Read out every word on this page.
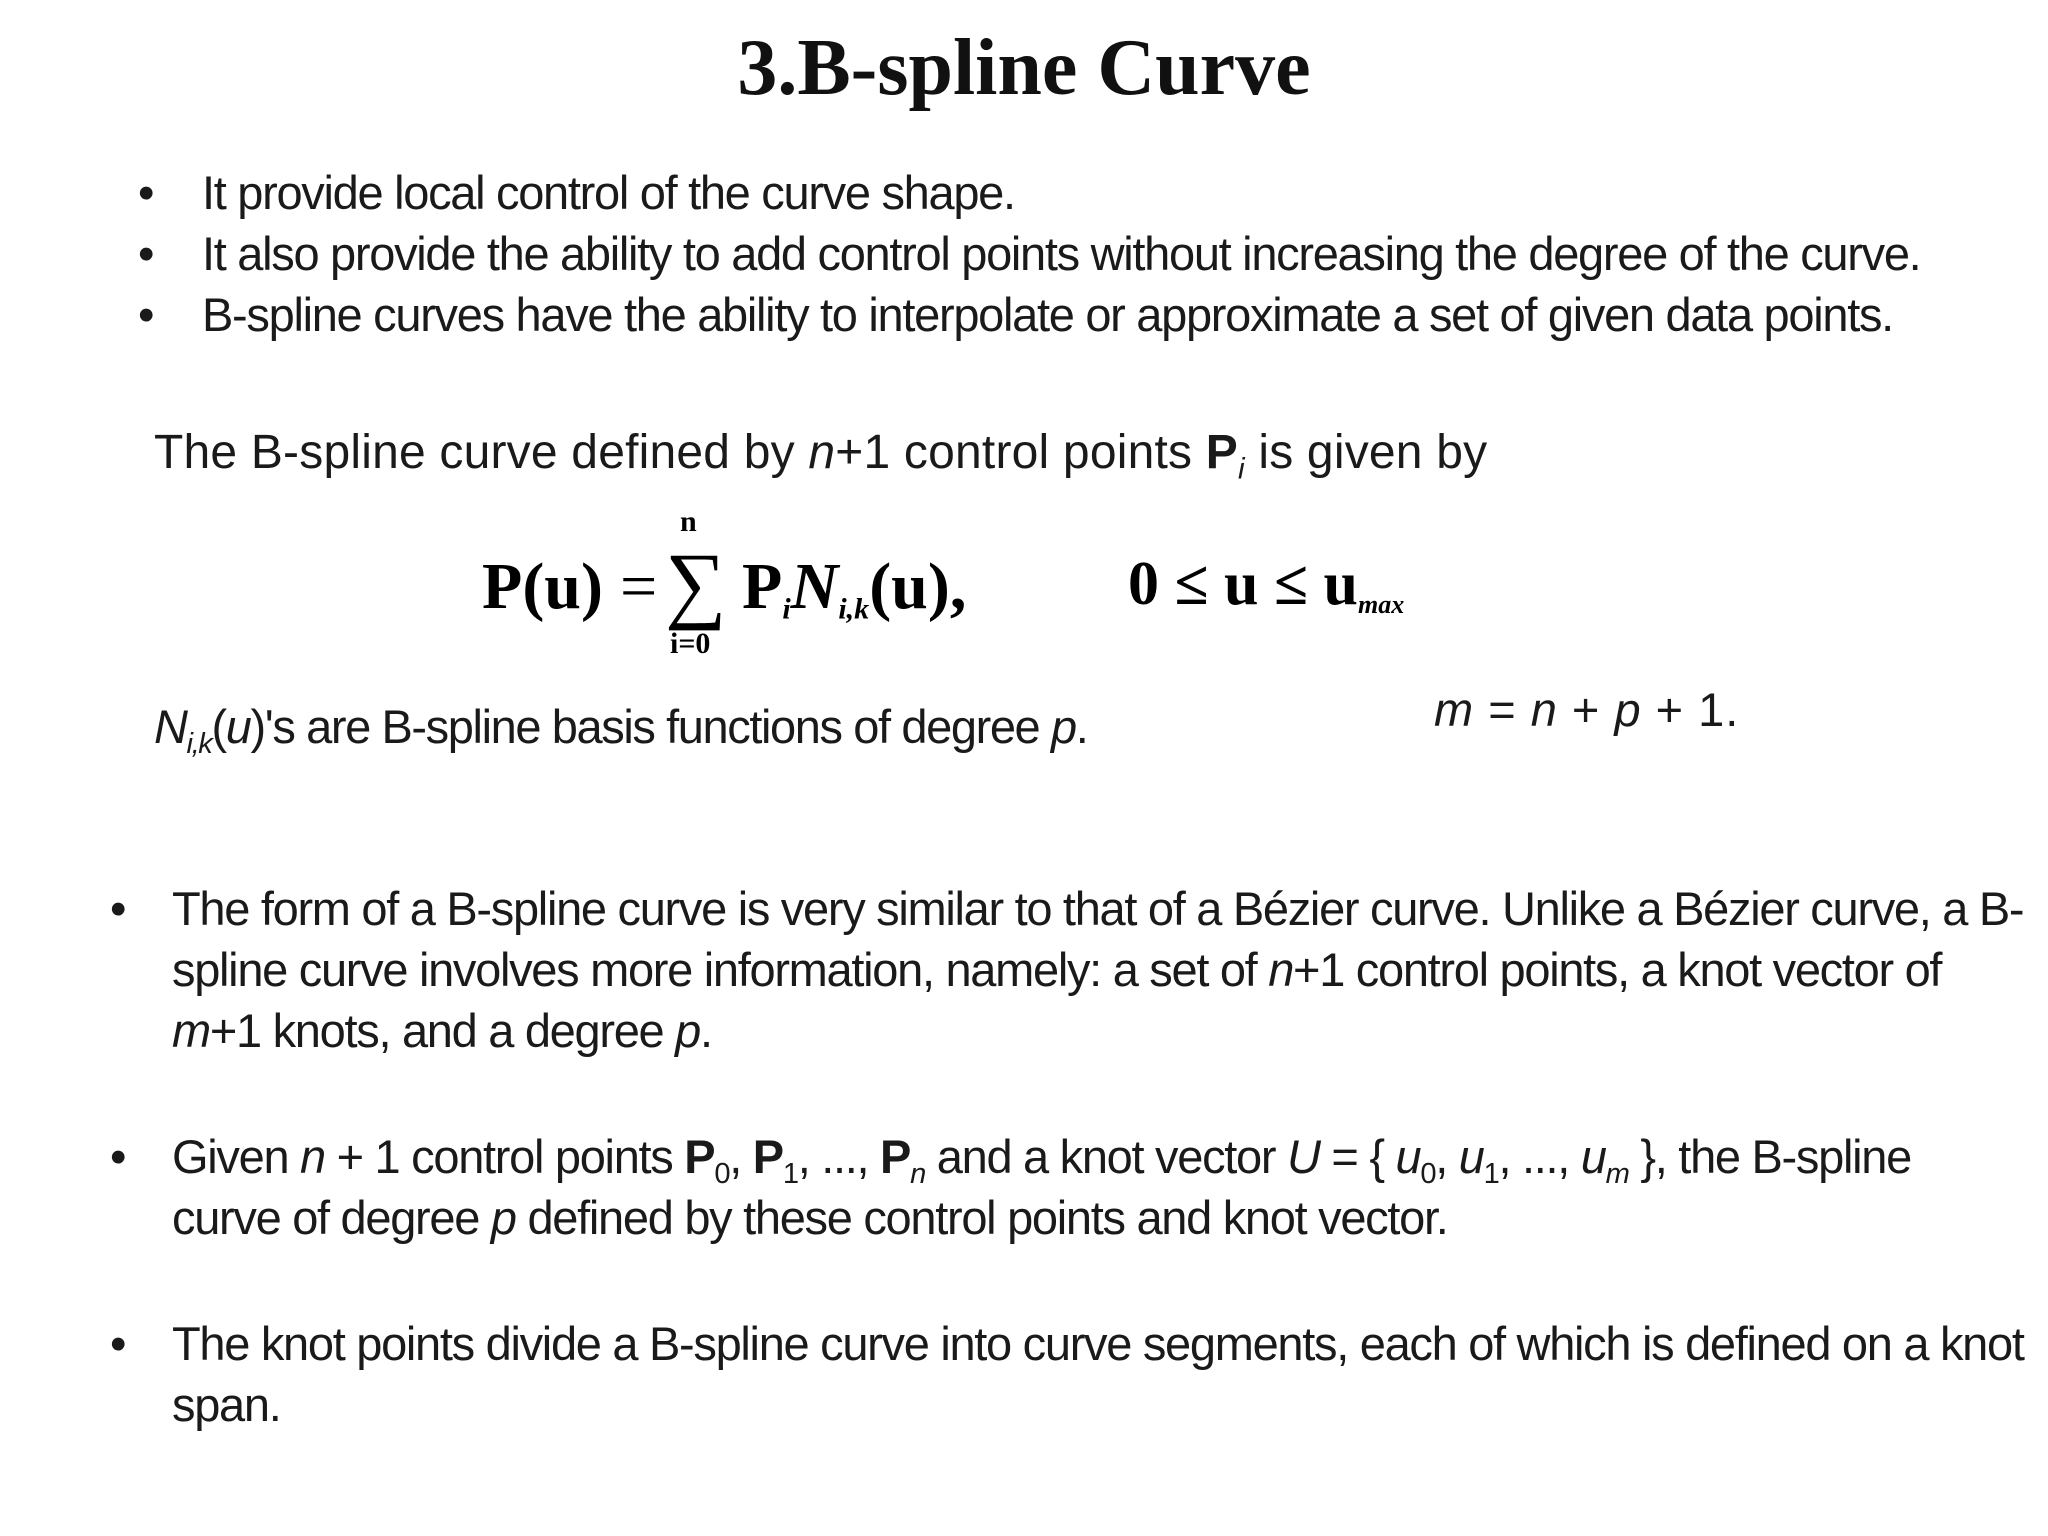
3.B-spline Curve
• It provide local control of the curve shape.
• It also provide the ability to add control points without increasing the degree of the curve.
• B-spline curves have the ability to interpolate or approximate a set of given data points.
The B-spline curve defined by n+1 control points $P_i$ is given by
P(u) =
n
∑
i=0
$P_iN_{i,k}(u)$,	$0 \le u \le u_{max}$
$N_{i,k}(u)'s$ are B-spline basis functions of degree p.	m = n + p + 1.
• The form of a B-spline curve is very similar to that of a Bézier curve. Unlike a Bézier curve, a B-spline curve involves more information, namely: a set of n+1 control points, a knot vector of m+1 knots, and a degree p.
• Given n + 1 control points $P_0$, $P_1$, ..., $P_n$ and a knot vector U = { $u_0$, $u_1$, ..., $u_m$ }, the B-spline curve of degree p defined by these control points and knot vector.
• The knot points divide a B-spline curve into curve segments, each of which is defined on a knot span.
